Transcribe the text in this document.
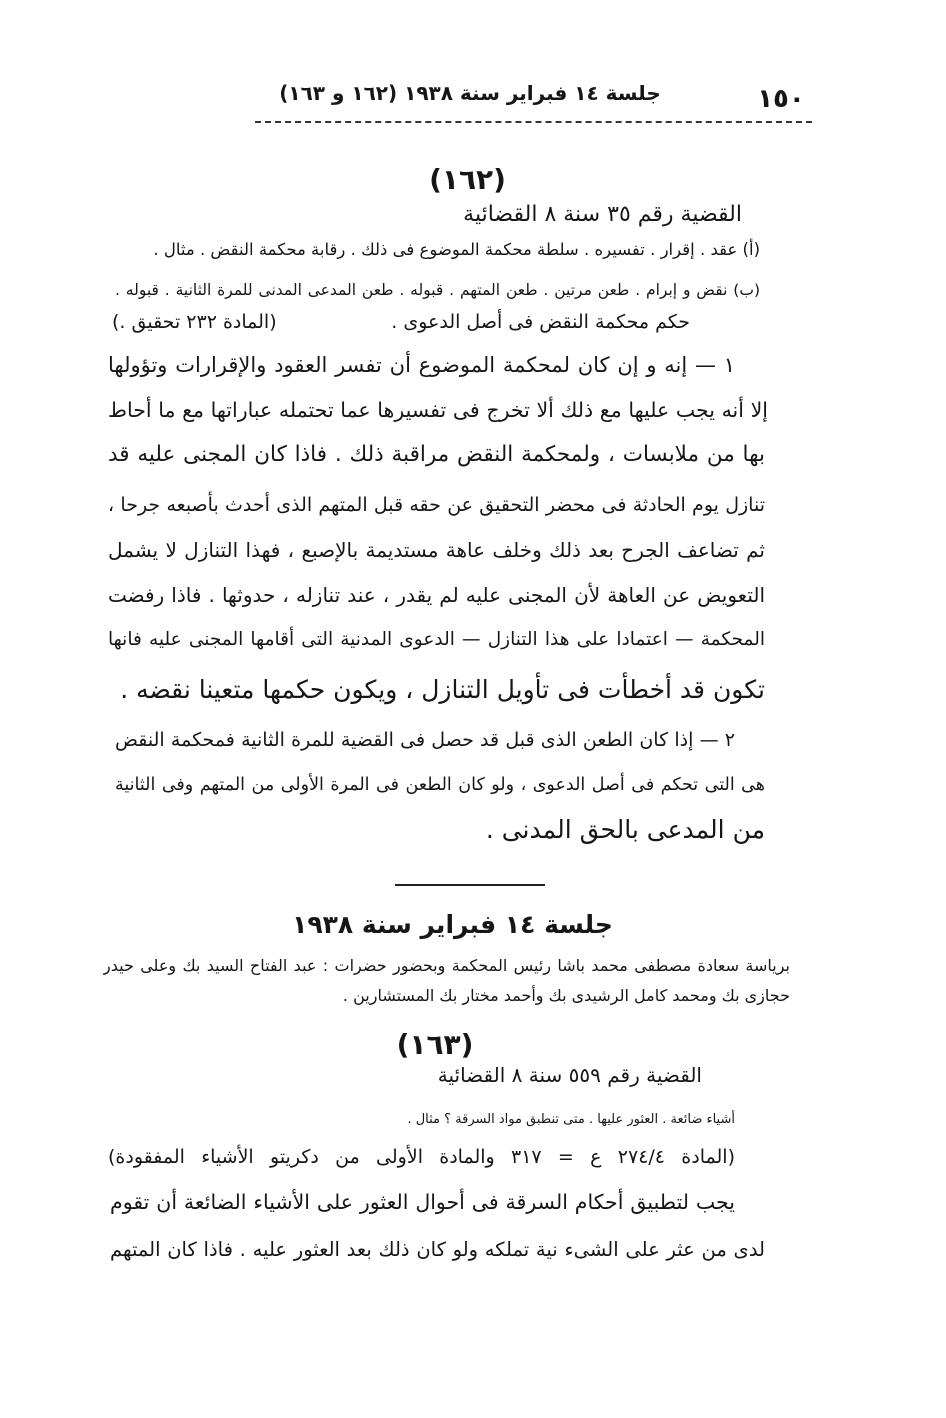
١٥٠
جلسة ١٤ فبراير سنة ١٩٣٨ (١٦٢ و ١٦٣)
(١٦٢)
القضية رقم ٣٥ سنة ٨ القضائية
(أ) عقد . إقرار . تفسيره . سلطة محكمة الموضوع فى ذلك . رقابة محكمة النقض . مثال .
(ب) نقض و إبرام . طعن مرتين . طعن المتهم . قبوله . طعن المدعى المدنى للمرة الثانية . قبوله .
حكم محكمة النقض فى أصل الدعوى .
(المادة ٢٣٢ تحقيق .)
١ — إنه و إن كان لمحكمة الموضوع أن تفسر العقود والإقرارات وتؤولها
إلا أنه يجب عليها مع ذلك ألا تخرج فى تفسيرها عما تحتمله عباراتها مع ما أحاط
بها من ملابسات ، ولمحكمة النقض مراقبة ذلك . فاذا كان المجنى عليه قد
تنازل يوم الحادثة فى محضر التحقيق عن حقه قبل المتهم الذى أحدث بأصبعه جرحا ،
ثم تضاعف الجرح بعد ذلك وخلف عاهة مستديمة بالإصبع ، فهذا التنازل لا يشمل
التعويض عن العاهة لأن المجنى عليه لم يقدر ، عند تنازله ، حدوثها . فاذا رفضت
المحكمة — اعتمادا على هذا التنازل — الدعوى المدنية التى أقامها المجنى عليه فانها
تكون قد أخطأت فى تأويل التنازل ، ويكون حكمها متعينا نقضه .
٢ — إذا كان الطعن الذى قبل قد حصل فى القضية للمرة الثانية فمحكمة النقض
هى التى تحكم فى أصل الدعوى ، ولو كان الطعن فى المرة الأولى من المتهم وفى الثانية
من المدعى بالحق المدنى .
جلسة ١٤ فبراير سنة ١٩٣٨
برياسة سعادة مصطفى محمد باشا رئيس المحكمة وبحضور حضرات : عبد الفتاح السيد بك وعلى حيدر
حجازى بك ومحمد كامل الرشيدى بك وأحمد مختار بك المستشارين .
(١٦٣)
القضية رقم ٥٥٩ سنة ٨ القضائية
أشياء ضائعة . العثور عليها . متى تنطبق مواد السرقة ؟ مثال .
(المادة ٢٧٤/٤ ع = ٣١٧ والمادة الأولى من دكريتو الأشياء المفقودة)
يجب لتطبيق أحكام السرقة فى أحوال العثور على الأشياء الضائعة أن تقوم
لدى من عثر على الشىء نية تملكه ولو كان ذلك بعد العثور عليه . فاذا كان المتهم
